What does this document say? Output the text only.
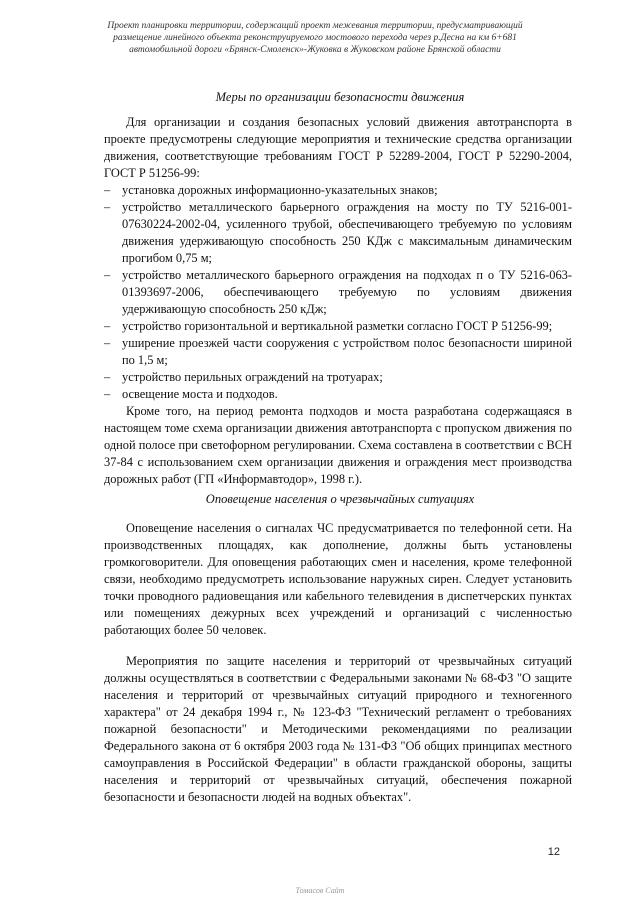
Проект планировки территории, содержащий проект межевания территории, предусматривающий
размещение линейного объекта реконструируемого мостового перехода через р.Десна на км 6+681
автомобильной дороги «Брянск-Смоленск»-Жуковка в Жуковском районе Брянской области
Меры по организации безопасности движения

Для организации и создания безопасных условий движения автотранспорта в проекте предусмотрены следующие мероприятия и технические средства организации движения, соответствующие требованиям ГОСТ Р 52289-2004, ГОСТ Р 52290-2004, ГОСТ Р 51256-99:

– установка дорожных информационно-указательных знаков;
– устройство металлического барьерного ограждения на мосту по ТУ 5216-001-07630224-2002-04, усиленного трубой, обеспечивающего требуемую по условиям движения удерживающую способность 250 КДж с максимальным динамическим прогибом 0,75 м;
– устройство металлического барьерного ограждения на подходах п о ТУ 5216-063-01393697-2006, обеспечивающего требуемую по условиям движения удерживающую способность 250 кДж;
– устройство горизонтальной и вертикальной разметки согласно ГОСТ Р 51256-99;
– уширение проезжей части сооружения с устройством полос безопасности шириной по 1,5 м;
– устройство перильных ограждений на тротуарах;
– освещение моста и подходов.

Кроме того, на период ремонта подходов и моста разработана содержащаяся в настоящем томе схема организации движения автотранспорта с пропуском движения по одной полосе при светофорном регулировании. Схема составлена в соответствии с ВСН 37-84 с использованием схем организации движения и ограждения мест производства дорожных работ (ГП «Информавтодор», 1998 г.).

Оповещение населения о чрезвычайных ситуациях

Оповещение населения о сигналах ЧС предусматривается по телефонной сети. На производственных площадях, как дополнение, должны быть установлены громкоговорители. Для оповещения работающих смен и населения, кроме телефонной связи, необходимо предусмотреть использование наружных сирен. Следует установить точки проводного радиовещания или кабельного телевидения в диспетчерских пунктах или помещениях дежурных всех учреждений и организаций с численностью работающих более 50 человек.

Мероприятия по защите населения и территорий от чрезвычайных ситуаций должны осуществляться в соответствии с Федеральными законами № 68-ФЗ "О защите населения и территорий от чрезвычайных ситуаций природного и техногенного характера" от 24 декабря 1994 г., № 123-ФЗ "Технический регламент о требованиях пожарной безопасности" и Методическими рекомендациями по реализации Федерального закона от 6 октября 2003 года № 131-ФЗ "Об общих принципах местного самоуправления в Российской Федерации" в области гражданской обороны, защиты населения и территорий от чрезвычайных ситуаций, обеспечения пожарной безопасности и безопасности людей на водных объектах".

12
Томасов Сайт
